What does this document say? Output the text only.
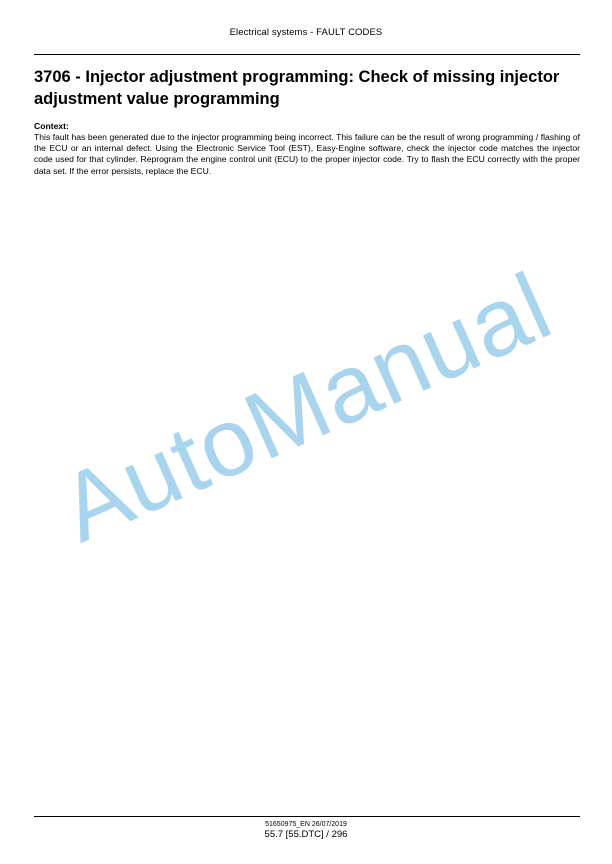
Electrical systems - FAULT CODES
3706 - Injector adjustment programming: Check of missing injector adjustment value programming
Context:

This fault has been generated due to the injector programming being incorrect. This failure can be the result of wrong programming / flashing of the ECU or an internal defect. Using the Electronic Service Tool (EST), Easy-Engine software, check the injector code matches the injector code used for that cylinder. Reprogram the engine control unit (ECU) to the proper injector code. Try to flash the ECU correctly with the proper data set. If the error persists, replace the ECU.

AutoManual
51650975_EN 26/07/2019
55.7 [55.DTC] / 296
